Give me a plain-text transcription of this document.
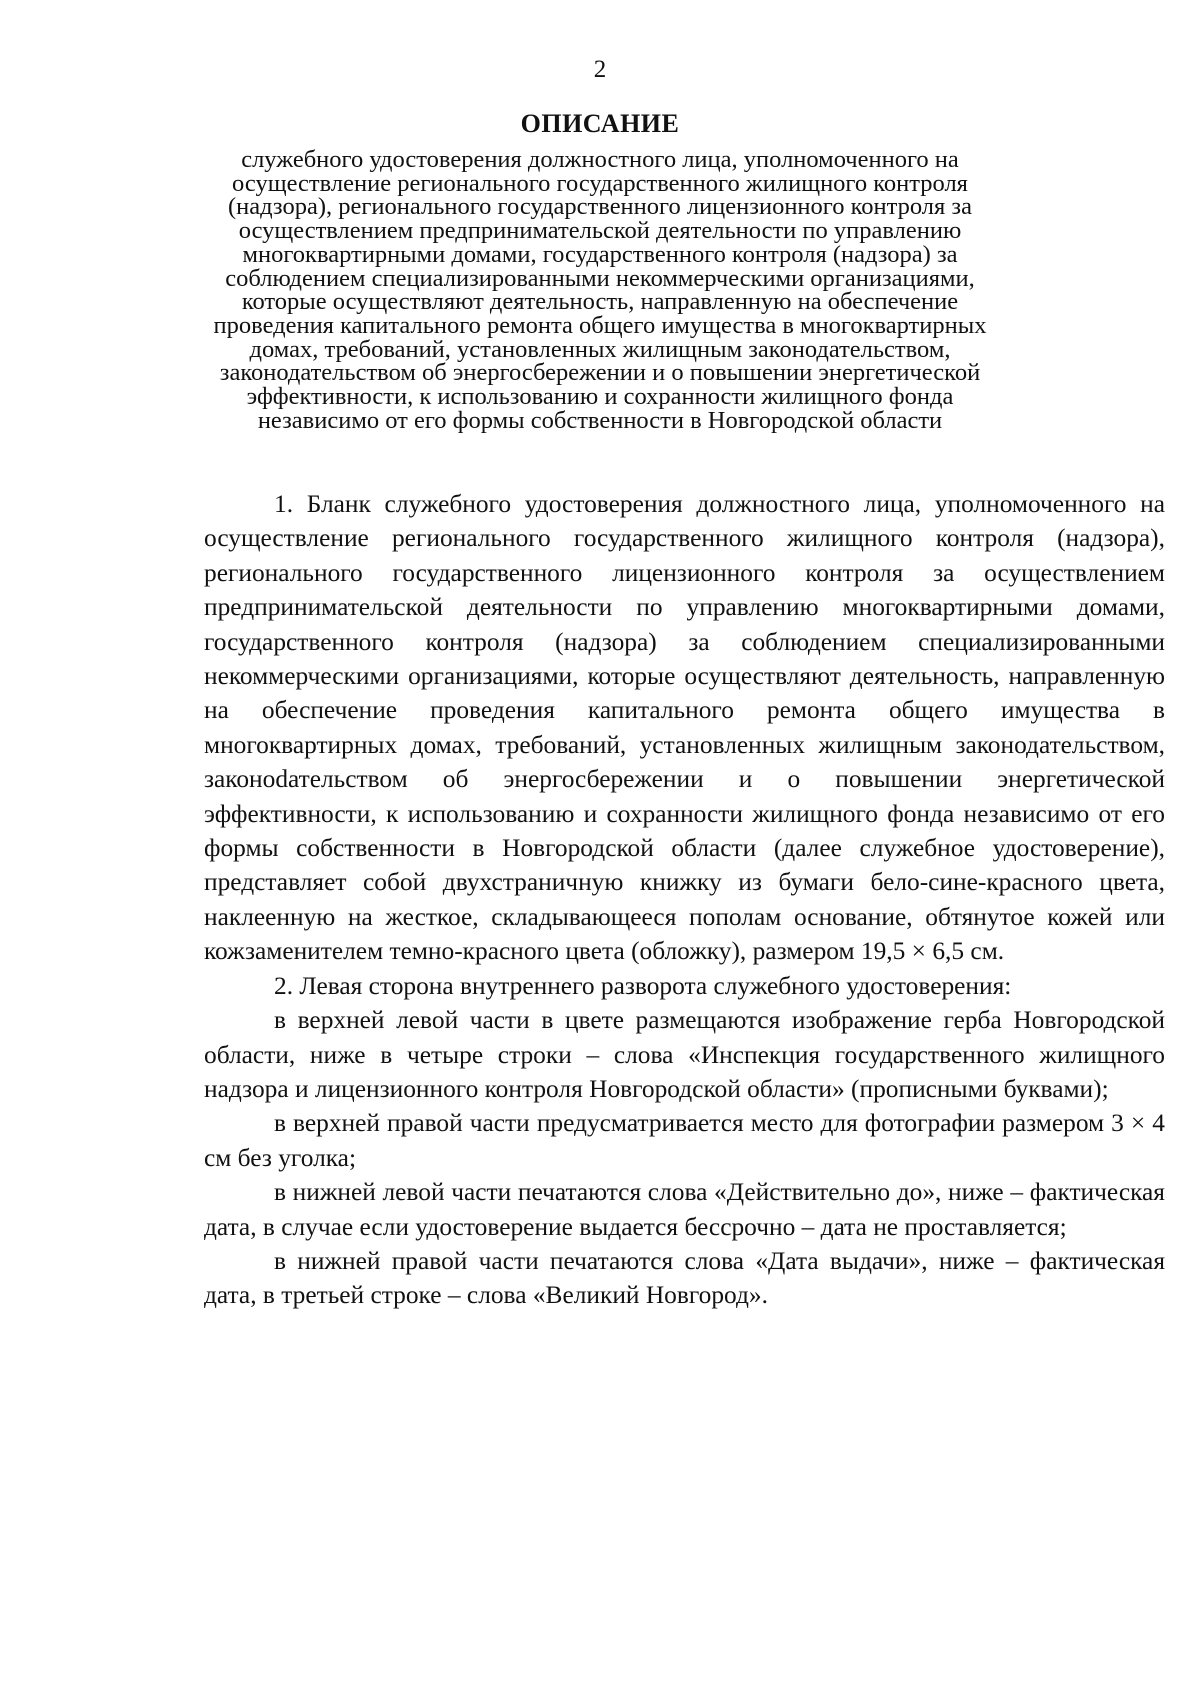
2
ОПИСАНИЕ
служебного удостоверения должностного лица, уполномоченного на
осуществление регионального государственного жилищного контроля
(надзора), регионального государственного лицензионного контроля за
осуществлением предпринимательской деятельности по управлению
многоквартирными домами, государственного контроля (надзора) за
соблюдением специализированными некоммерческими организациями,
которые осуществляют деятельность, направленную на обеспечение
проведения капитального ремонта общего имущества в многоквартирных
домах, требований, установленных жилищным законодательством,
законодательством об энергосбережении и о повышении энергетической
эффективности, к использованию и сохранности жилищного фонда
независимо от его формы собственности в Новгородской области

1. Бланк служебного удостоверения должностного лица, уполномоченного на осуществление регионального государственного жилищного контроля (надзора), регионального государственного лицензионного контроля за осуществлением предпринимательской деятельности по управлению многоквартирными домами, государственного контроля (надзора) за соблюдением специализированными некоммерческими организациями, которые осуществляют деятельность, направленную на обеспечение проведения капитального ремонта общего имущества в многоквартирных домах, требований, установленных жилищным законодательством, законоdательством об энергосбережении и о повышении энергетической эффективности, к использованию и сохранности жилищного фонда независимо от его формы собственности в Новгородской области (далее служебное удостоверение), представляет собой двухстраничную книжку из бумаги бело-сине-красного цвета, наклеенную на жесткое, складывающееся пополам основание, обтянутое кожей или кожзаменителем темно-красного цвета (обложку), размером 19,5 × 6,5 см.

2. Левая сторона внутреннего разворота служебного удостоверения:

в верхней левой части в цвете размещаются изображение герба Новгородской области, ниже в четыре строки – слова «Инспекция государственного жилищного надзора и лицензионного контроля Новгородской области» (прописными буквами);

в верхней правой части предусматривается место для фотографии размером 3 × 4 см без уголка;

в нижней левой части печатаются слова «Действительно до», ниже – фактическая дата, в случае если удостоверение выдается бессрочно – дата не проставляется;

в нижней правой части печатаются слова «Дата выдачи», ниже – фактическая дата, в третьей строке – слова «Великий Новгород».
